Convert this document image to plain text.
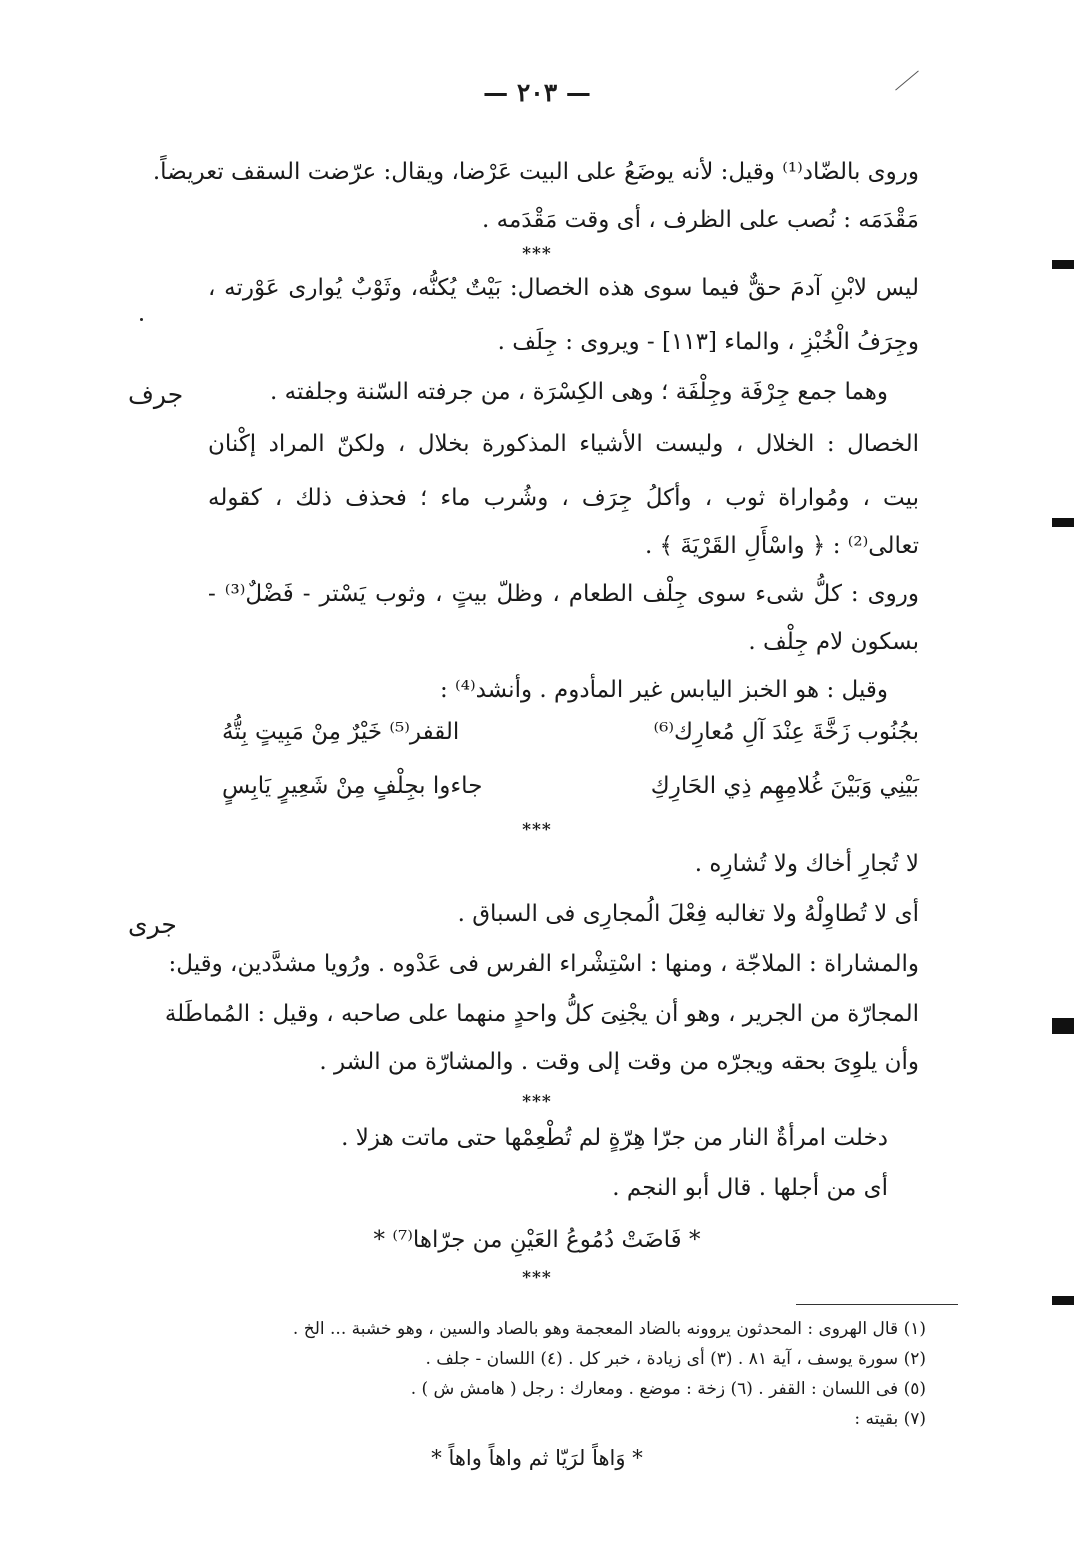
— ٢٠٣ —
جرف
جرى
وروى بالضّاد⁽¹⁾ وقيل: لأنه يوضَعُ على البيت عَرْضا، ويقال: عرّضت السقف تعريضاً.
مَقْدَمَه : نُصب على الظرف ، أى وقت مَقْدَمه .
***
ليس لابْنِ آدمَ حقٌّ فيما سوى هذه الخصال: بَيْتٌ يُكنُّه، وثَوْبٌ يُوارى عَوْرته ،
وجِرَفُ الْخُبْزِ ، والماء [١١٣] - ويروى : جِلَف .
وهما جمع جِرْفَة وجِلْفَة ؛ وهى الكِسْرَة ، من جرفته السّنة وجلفته .
الخصال : الخلال ، وليست الأشياء المذكورة بخلال ، ولكنّ المراد إكْنان
بيت ، ومُواراة ثوب ، وأكلُ جِرَف ، وشُرب ماء ؛ فحذف ذلك ، كقوله
تعالى⁽²⁾ : ﴿ واسْأَلِ القَرْيَةَ ﴾ .
وروى : كلُّ شىء سوى جِلْف الطعام ، وظلّ بيتٍ ، وثوب يَسْتر - فَضْلٌ⁽³⁾ -
بسكون لام جِلْف .
وقيل : هو الخبز اليابس غير المأدوم . وأنشد⁽⁴⁾ :
بجُنُوب زَخَّةَ عِنْدَ آلِ مُعارِك⁽⁶⁾
القفر⁽⁵⁾ خَيْرٌ مِنْ مَبِيتٍ بِتُّهُ
بَيْنِي وَبَيْنَ غُلامِهِم ذِي الحَارِكِ
جاءوا بجِلْفٍ مِنْ شَعِيرٍ يَابِسٍ
***
لا تُجارِ أخاك ولا تُشارِه .
أى لا تُطاوِلْهُ ولا تغالبه فِعْلَ الُمجارِى فى السباق .
والمشاراة : الملاجّة ، ومنها : اسْتِشْراء الفرس فى عَدْوه . ورُويا مشدَّدين، وقيل:
المجارّة من الجرير ، وهو أن يجْنِىَ كلُّ واحدٍ منهما على صاحبه ، وقيل : المُماطَلة
وأن يلوِىَ بحقه ويجرّه من وقت إلى وقت . والمشارّة من الشر .
***
دخلت امرأةٌ النار من جرّا هِرّةٍ لم تُطْعِمْها حتى ماتت هزلا .
أى من أجلها . قال أبو النجم .
* فَاضَتْ دُمُوعُ العَيْنِ من جرّاها⁽⁷⁾ *
***
(١) قال الهروى : المحدثون يروونه بالضاد المعجمة وهو بالصاد والسين ، وهو خشبة ... الخ .
(٢) سورة يوسف ، آية ٨١ . (٣) أى زيادة ، خبر كل . (٤) اللسان - جلف .
(٥) فى اللسان : القفر . (٦) زخة : موضع . ومعارك : رجل ( هامش ش ) .
(٧) بقيته :
* وَاهاً لرَيّا ثم واهاً واهاً *
